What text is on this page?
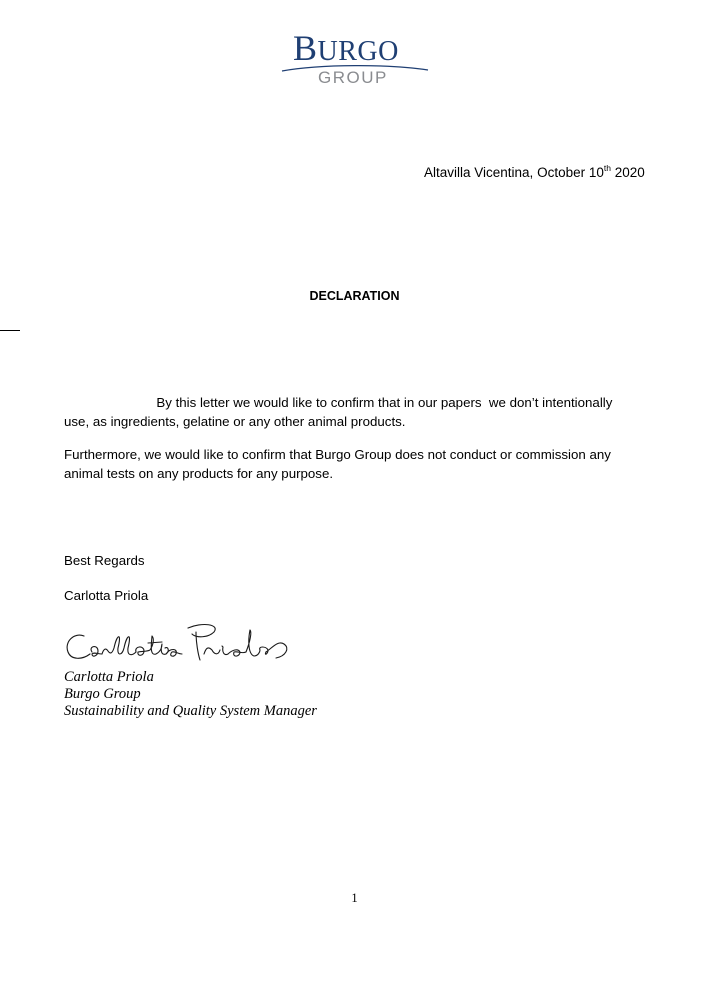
BURGO
GROUP
Altavilla Vicentina, October 10th 2020
DECLARATION
By this letter we would like to confirm that in our papers  we don’t intentionally use, as ingredients, gelatine or any other animal products.
Furthermore, we would like to confirm that Burgo Group does not conduct or commission any animal tests on any products for any purpose.
Best Regards
Carlotta Priola
Carlotta Priola
Burgo Group
Sustainability and Quality System Manager
1
